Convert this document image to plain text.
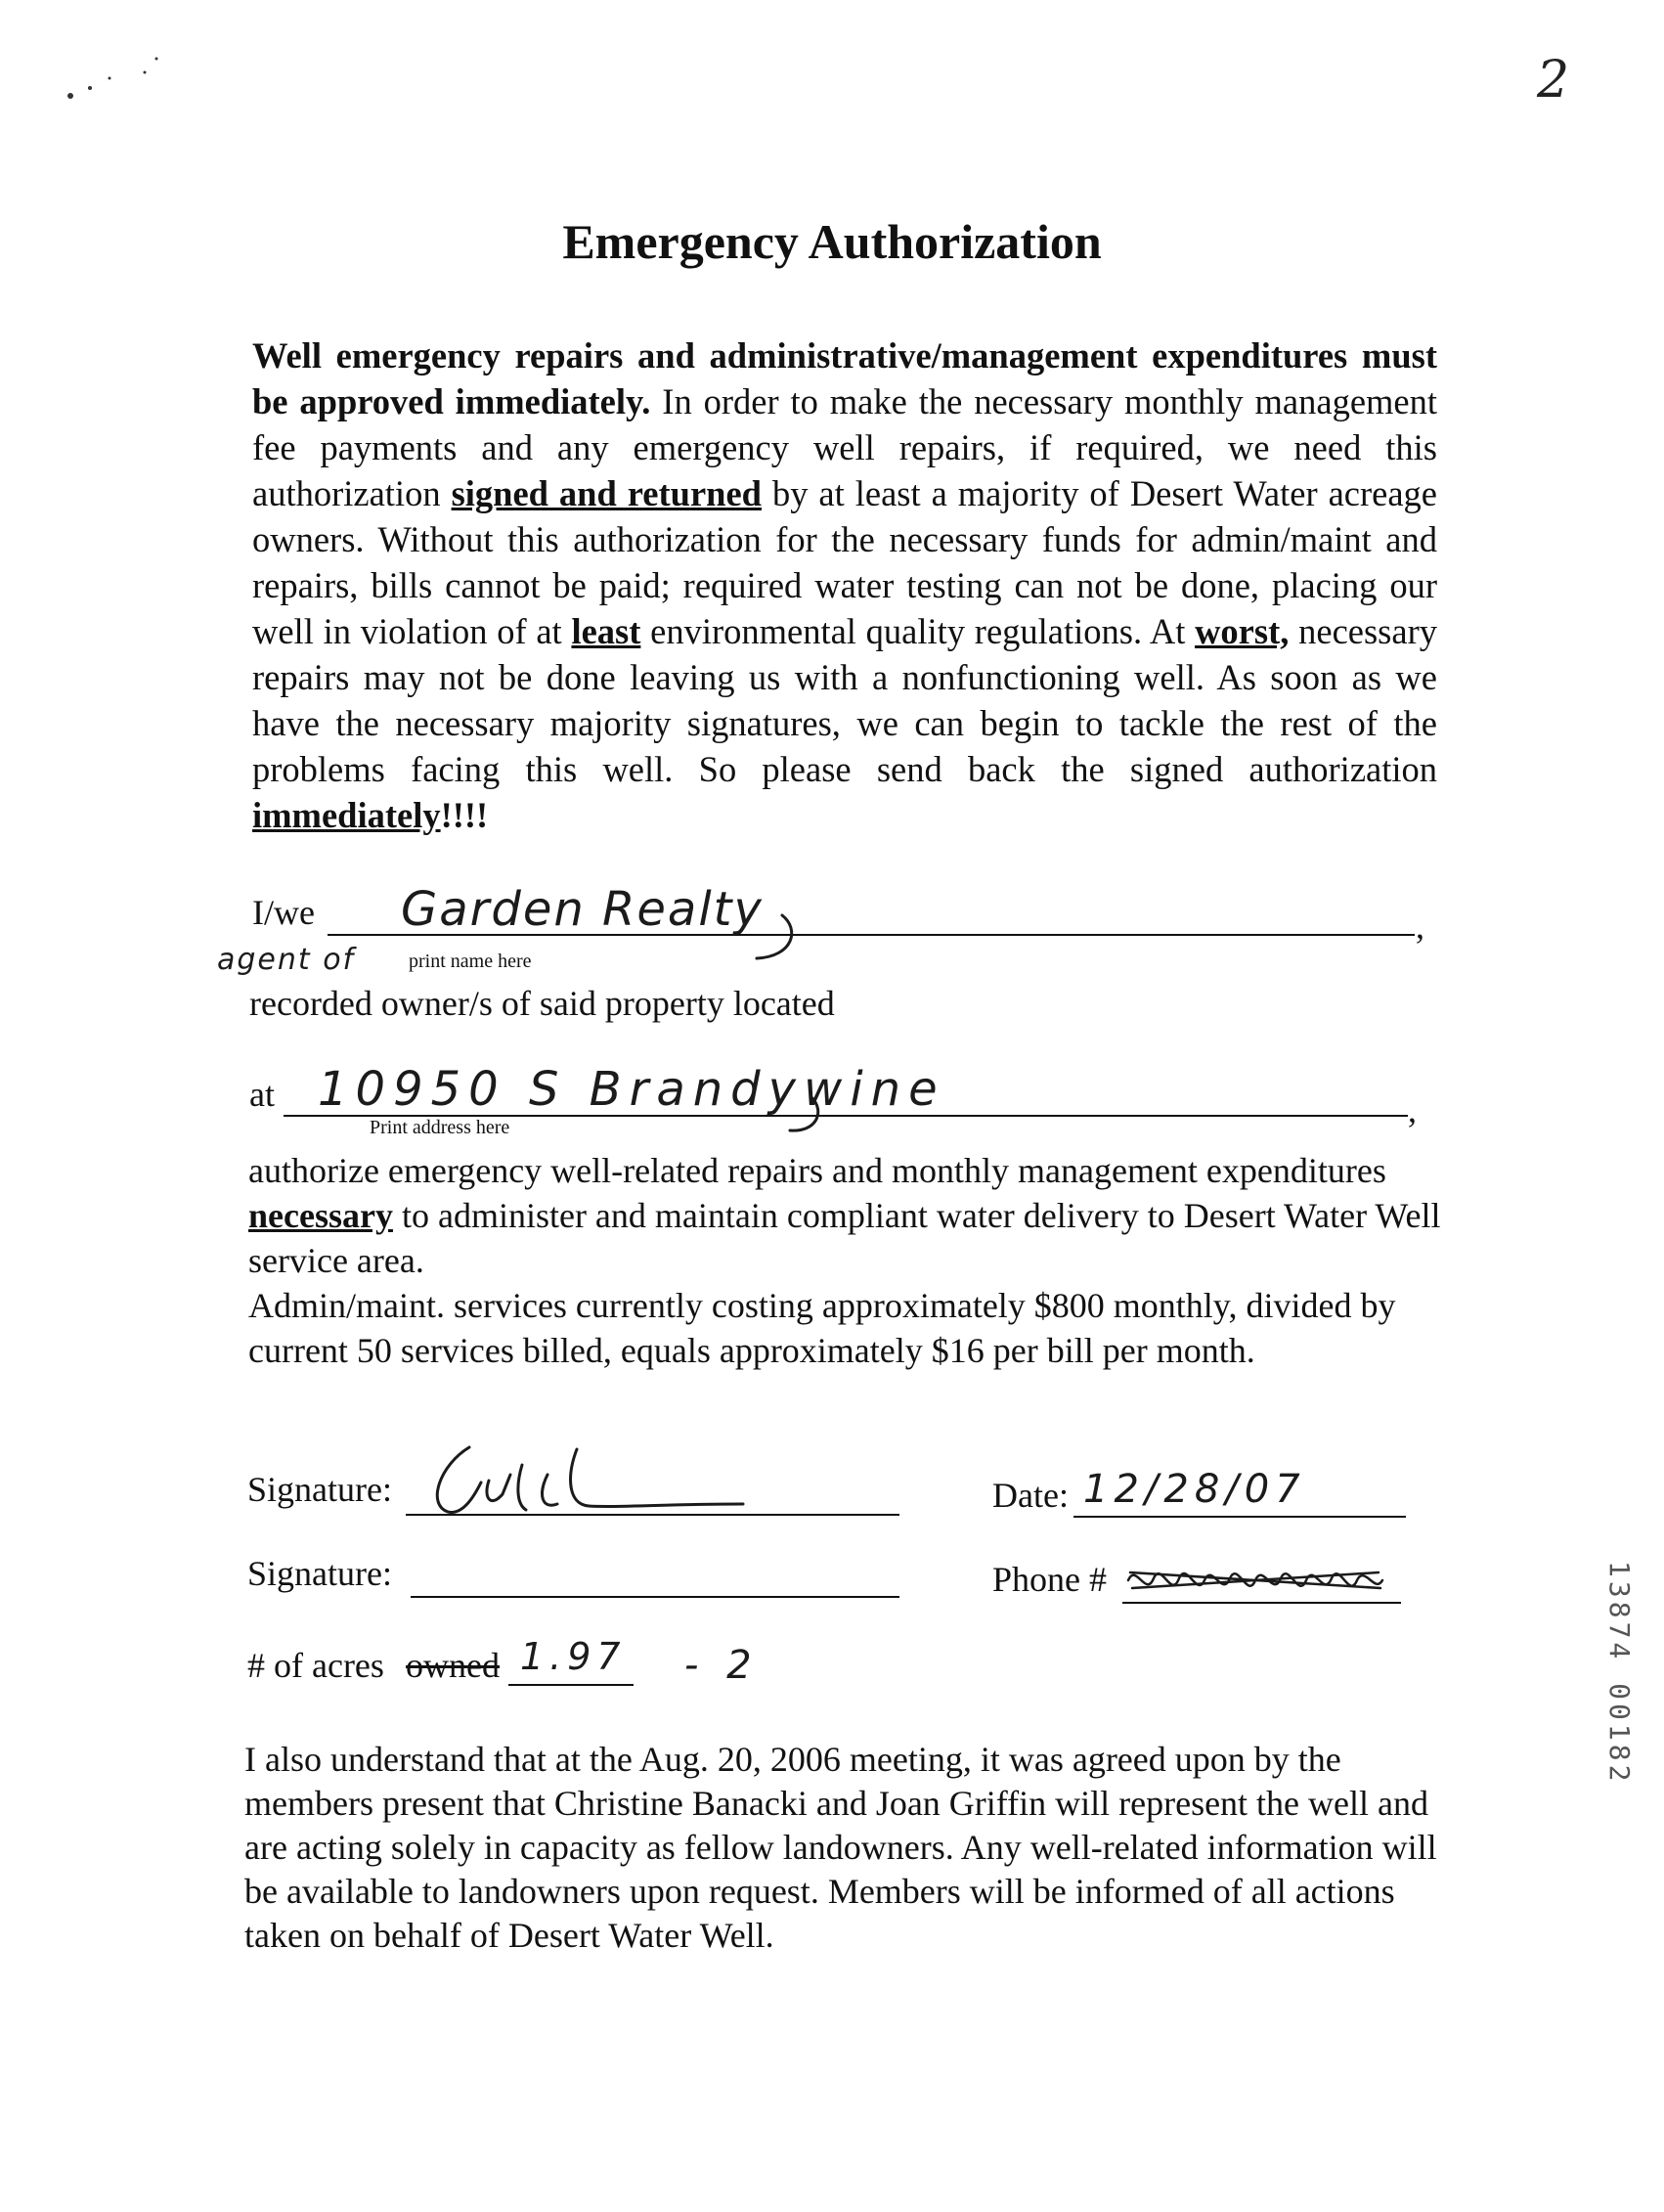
2
Emergency Authorization
Well emergency repairs and administrative/management expenditures must be approved immediately. In order to make the necessary monthly management fee payments and any emergency well repairs, if required, we need this authorization signed and returned by at least a majority of Desert Water acreage owners. Without this authorization for the necessary funds for admin/maint and repairs, bills cannot be paid; required water testing can not be done, placing our well in violation of at least environmental quality regulations. At worst, necessary repairs may not be done leaving us with a nonfunctioning well. As soon as we have the necessary majority signatures, we can begin to tackle the rest of the problems facing this well. So please send back the signed authorization immediately!!!!
I/we	,
Garden Realty
agent of	print name here
recorded owner/s of said property located
at	,
10950 S Brandywine
Print address here
authorize emergency well-related repairs and monthly management expenditures necessary to administer and maintain compliant water delivery to Desert Water Well service area.
Admin/maint. services currently costing approximately $800 monthly, divided by current 50 services billed, equals approximately $16 per bill per month.
Signature:	Date: 12/28/07
Signature:	Phone #
# of acres owned 1.97 - 2
I also understand that at the Aug. 20, 2006 meeting, it was agreed upon by the members present that Christine Banacki and Joan Griffin will represent the well and are acting solely in capacity as fellow landowners. Any well-related information will be available to landowners upon request. Members will be informed of all actions taken on behalf of Desert Water Well.
13874 00182
